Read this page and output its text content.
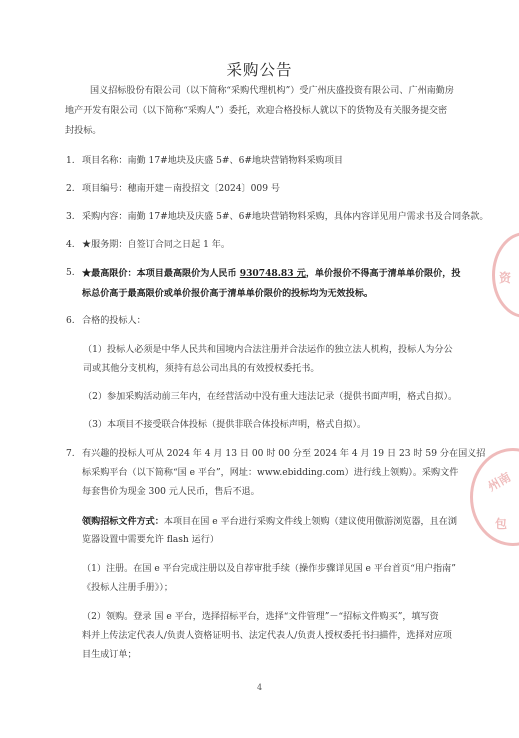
采购公告
国义招标股份有限公司（以下简称“采购代理机构”）受广州庆盛投资有限公司、广州南勤房
地产开发有限公司（以下简称“采购人”）委托，欢迎合格投标人就以下的货物及有关服务提交密
封投标。
1. 项目名称：南勤 17#地块及庆盛 5#、6#地块营销物料采购项目
2. 项目编号：穗南开建－南投招文〔2024〕009 号
3. 采购内容：南勤 17#地块及庆盛 5#、6#地块营销物料采购，具体内容详见用户需求书及合同条款。
4. ★服务期：自签订合同之日起 1 年。
5. ★最高限价：本项目最高限价为人民币 930748.83 元，单价报价不得高于清单单价限价，投
标总价高于最高限价或单价报价高于清单单价限价的投标均为无效投标。
6. 合格的投标人：
（1）投标人必须是中华人民共和国境内合法注册并合法运作的独立法人机构，投标人为分公
司或其他分支机构，须持有总公司出具的有效授权委托书。
（2）参加采购活动前三年内，在经营活动中没有重大违法记录（提供书面声明，格式自拟）。
（3）本项目不接受联合体投标（提供非联合体投标声明，格式自拟）。
7. 有兴趣的投标人可从 2024 年 4 月 13 日 00 时 00 分至 2024 年 4 月 19 日 23 时 59 分在国义招
标采购平台（以下简称“国 e 平台”，网址：www.ebidding.com）进行线上领购）。采购文件
每套售价为现金 300 元人民币，售后不退。
领购招标文件方式：本项目在国 e 平台进行采购文件线上领购（建议使用傲游浏览器，且在浏
览器设置中需要允许 flash 运行）
（1）注册。在国 e 平台完成注册以及自荐审批手续（操作步骤详见国 e 平台首页“用户指南”
《投标人注册手册》）；
（2）领购。登录 国 e 平台，选择招标平台，选择“文件管理”－“招标文件购买”，填写资
料并上传法定代表人/负责人资格证明书、法定代表人/负责人授权委托书扫描件，选择对应项
目生成订单；
4
资
州南
包
